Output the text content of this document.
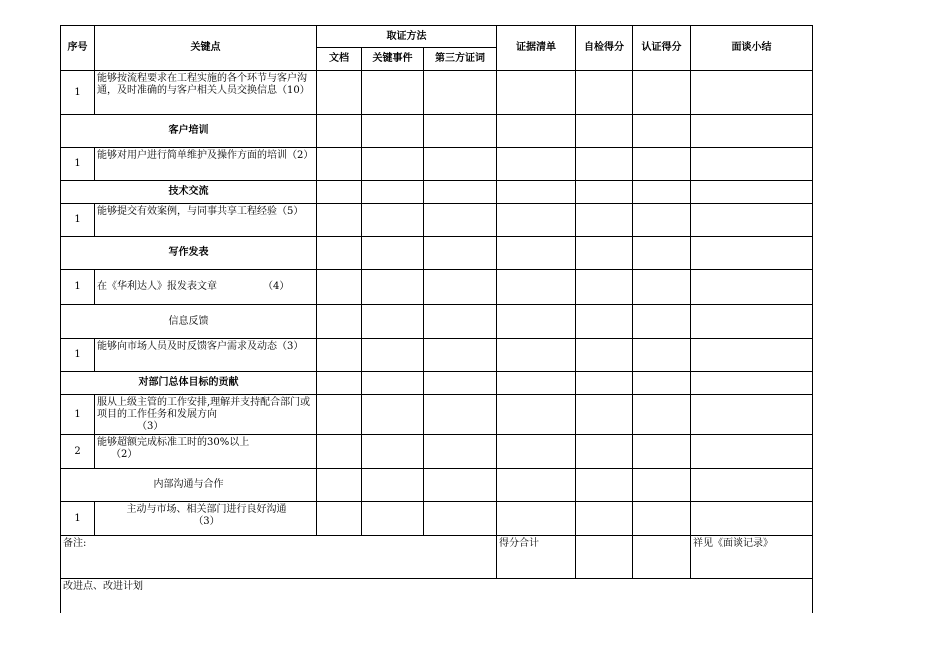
序号	关键点	取证方法			证据清单	自检得分	认证得分	面谈小结
		文档	关键事件	第三方证词				
1	能够按流程要求在工程实施的各个环节与客户沟通，及时准确的与客户相关人员交换信息（10）							
客户培训								
1	能够对用户进行简单维护及操作方面的培训（2）							
技术交流								
1	能够提交有效案例，与同事共享工程经验（5）							
写作发表								
1	在《华利达人》报发表文章 （4）							
信息反馈								
1	能够向市场人员及时反馈客户需求及动态（3）							
对部门总体目标的贡献								
1	服从上级主管的工作安排,理解并支持配合部门或项目的工作任务和发展方向
（3）							

2	能够超额完成标准工时的30%以上
（2）							

内部沟通与合作								
1	主动与市场、相关部门进行良好沟通
（3）							

备注:					得分合计			祥见《面谈记录》
改进点、改进计划								
